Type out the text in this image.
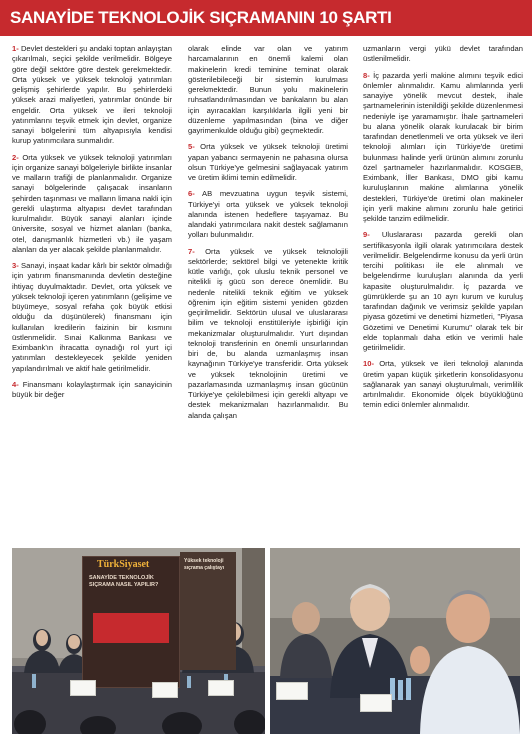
SANAYİDE TEKNOLOJİK SIÇRAMANIN 10 ŞARTI

1- Devlet destekleri şu andaki toptan anlayıştan çıkarılmalı, seçici şekilde verilmelidir. Bölgeye göre değil sektöre göre destek gerekmektedir. Orta yüksek ve yüksek teknoloji yatırımları gelişmiş şehirlerde yapılır. Bu şehirlerdeki yüksek arazi maliyetleri, yatırımlar önünde bir engeldir. Orta yüksek ve ileri teknoloji yatırımlarını teşvik etmek için devlet, organize sanayi bölgelerini tüm altyapısıyla kendisi kurup yatırımcılara sunmalıdır.

2- Orta yüksek ve yüksek teknoloji yatırımları için organize sanayi bölgeleriyle birlikte insanlar ve malların trafiği de planlanmalıdır. Organize sanayi bölgelerinde çalışacak insanların şehirden taşınması ve malların limana nakli için gerekli ulaştırma altyapısı devlet tarafından kurulmalıdır. Büyük sanayi alanları içinde üniversite, sosyal ve hizmet alanları (banka, otel, danışmanlık hizmetleri vb.) ile yaşam alanları da yer alacak şekilde planlanmalıdır.

3- Sanayi, inşaat kadar kârlı bir sektör olmadığı için yatırım finansmanında devletin desteğine ihtiyaç duyulmaktadır. Devlet, orta yüksek ve yüksek teknoloji içeren yatırımların (gelişime ve büyümeye, sosyal refaha çok büyük etkisi olduğu da düşünülerek) finansmanı için kullanılan kredilerin faizinin bir kısmını üstlenmelidir. Sınai Kalkınma Bankası ve Eximbank'ın ihracatta oynadığı rol yurt içi yatırımları destekleyecek şekilde yeniden yapılandırılmalı ve aktif hale getirilmelidir.

4- Finansmanı kolaylaştırmak için sanayicinin büyük bir değer

olarak elinde var olan ve yatırım harcamalarının en önemli kalemi olan makinelerin kredi teminine teminat olarak gösterilebileceği bir sistemin kurulması gerekmektedir. Bunun yolu makinelerin ruhsatlandırılmasından ve bankaların bu alan için ayıracakları karşılıklarla ilgili yeni bir düzenleme yapılmasından (bina ve diğer gayrimenkulde olduğu gibi) geçmektedir.

5- Orta yüksek ve yüksek teknoloji üretimi yapan yabancı sermayenin ne pahasına olursa olsun Türkiye'ye gelmesini sağlayacak yatırım ve üretim iklimi temin edilmelidir.

6- AB mevzuatına uygun teşvik sistemi, Türkiye'yi orta yüksek ve yüksek teknoloji alanında istenen hedeflere taşıyamaz. Bu alandaki yatırımcılara nakit destek sağlamanın yolları bulunmalıdır.

7- Orta yüksek ve yüksek teknolojili sektörlerde; sektörel bilgi ve yetenekte kritik kütle varlığı, çok uluslu teknik personel ve nitelikli iş gücü son derece önemlidir. Bu nedenle nitelikli teknik eğitim ve yüksek öğrenim için eğitim sistemi yeniden gözden geçirilmelidir. Sektörün ulusal ve uluslararası bilim ve teknoloji enstitüleriyle işbirliği için mekanizmalar oluşturulmalıdır. Yurt dışından teknoloji transferinin en önemli unsurlarından biri de, bu alanda uzmanlaşmış insan kaynağının Türkiye'ye transferidir. Orta yüksek ve yüksek teknolojinin üretimi ve pazarlamasında uzmanlaşmış insan gücünün Türkiye'ye çekilebilmesi için gerekli altyapı ve destek mekanizmaları hazırlanmalıdır. Bu alanda çalışan

uzmanların vergi yükü devlet tarafından üstlenilmelidir.

8- İç pazarda yerli makine alımını teşvik edici önlemler alınmalıdır. Kamu alımlarında yerli sanayiye yönelik mevcut destek, ihale şartnamelerinin istenildiği şekilde düzenlenmesi nedeniyle işe yaramamıştır. İhale şartnameleri bu alana yönelik olarak kurulacak bir birim tarafından denetlenmeli ve orta yüksek ve ileri teknoloji alımları için Türkiye'de üretimi bulunması halinde yerli ürünün alımını zorunlu özel şartnameler hazırlanmalıdır. KOSGEB, Eximbank, İller Bankası, DMO gibi kamu kuruluşlarının makine alımlarına yönelik destekleri, Türkiye'de üretimi olan makineler için yerli makine alımını zorunlu hale getirici şekilde tanzim edilmelidir.

9- Uluslararası pazarda gerekli olan sertifikasyonla ilgili olarak yatırımcılara destek verilmelidir. Belgelendirme konusu da yerli ürün tercihi politikası ile ele alınmalı ve belgelendirme kuruluşları alanında da yerli kapasite oluşturulmalıdır. İç pazarda ve gümrüklerde şu an 10 ayrı kurum ve kuruluş tarafından dağınık ve verimsiz şekilde yapılan piyasa gözetimi ve denetimi hizmetleri, "Piyasa Gözetimi ve Denetimi Kurumu" olarak tek bir elde toplanmalı daha etkin ve verimli hale getirilmelidir.

10- Orta, yüksek ve ileri teknoloji alanında üretim yapan küçük şirketlerin konsolidasyonu sağlanarak yan sanayi oluşturulmalı, verimlilik artırılmalıdır. Ekonomide ölçek büyüklüğünü temin edici önlemler alınmalıdır.

TürkSiyaset
SANAYİDE TEKNOLOJİK SIÇRAMA NASIL YAPILIR?
Yüksek teknoloji sıçrama çalıştayı
